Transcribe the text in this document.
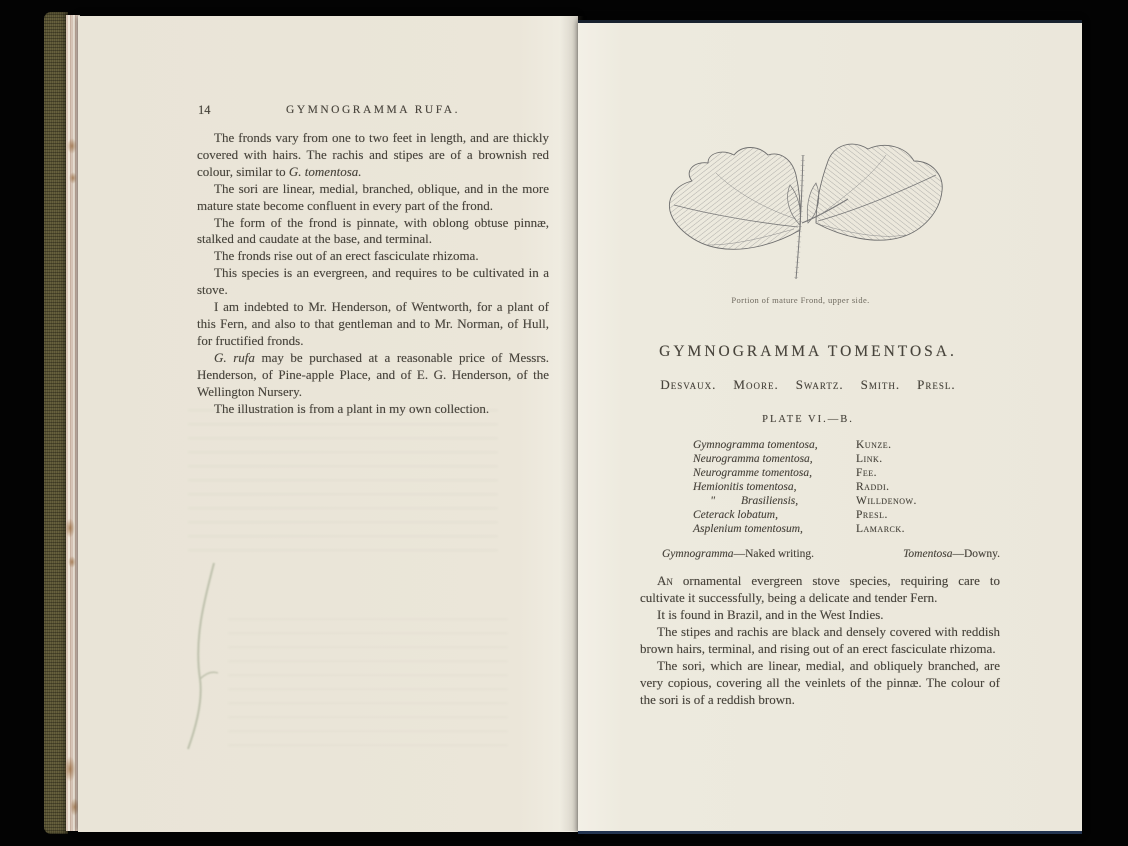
14	GYMNOGRAMMA RUFA.

The fronds vary from one to two feet in length, and are thickly covered with hairs. The rachis and stipes are of a brownish red colour, similar to G. tomentosa.

The sori are linear, medial, branched, oblique, and in the more mature state become confluent in every part of the frond.

The form of the frond is pinnate, with oblong obtuse pinnæ, stalked and caudate at the base, and terminal.

The fronds rise out of an erect fasciculate rhizoma.

This species is an evergreen, and requires to be cultivated in a stove.

I am indebted to Mr. Henderson, of Wentworth, for a plant of this Fern, and also to that gentleman and to Mr. Norman, of Hull, for fructified fronds.

G. rufa may be purchased at a reasonable price of Messrs. Henderson, of Pine-apple Place, and of E. G. Henderson, of the Wellington Nursery.

The illustration is from a plant in my own collection.

Portion of mature Frond, upper side.
GYMNOGRAMMA TOMENTOSA.
Desvaux.    Moore.    Swartz.    Smith.    Presl.
PLATE VI.—B.
Gymnogramma tomentosa,	Kunze.
Neurogramma tomentosa,	Link.
Neurogramme tomentosa,	Fee.
Hemionitis tomentosa,	Raddi.
"         Brasiliensis,	Willdenow.
Ceterack lobatum,	Presl.
Asplenium tomentosum,	Lamarck.
Gymnogramma—Naked writing.	Tomentosa—Downy.

An ornamental evergreen stove species, requiring care to cultivate it successfully, being a delicate and tender Fern.

It is found in Brazil, and in the West Indies.

The stipes and rachis are black and densely covered with reddish brown hairs, terminal, and rising out of an erect fasciculate rhizoma.

The sori, which are linear, medial, and obliquely branched, are very copious, covering all the veinlets of the pinnæ. The colour of the sori is of a reddish brown.
